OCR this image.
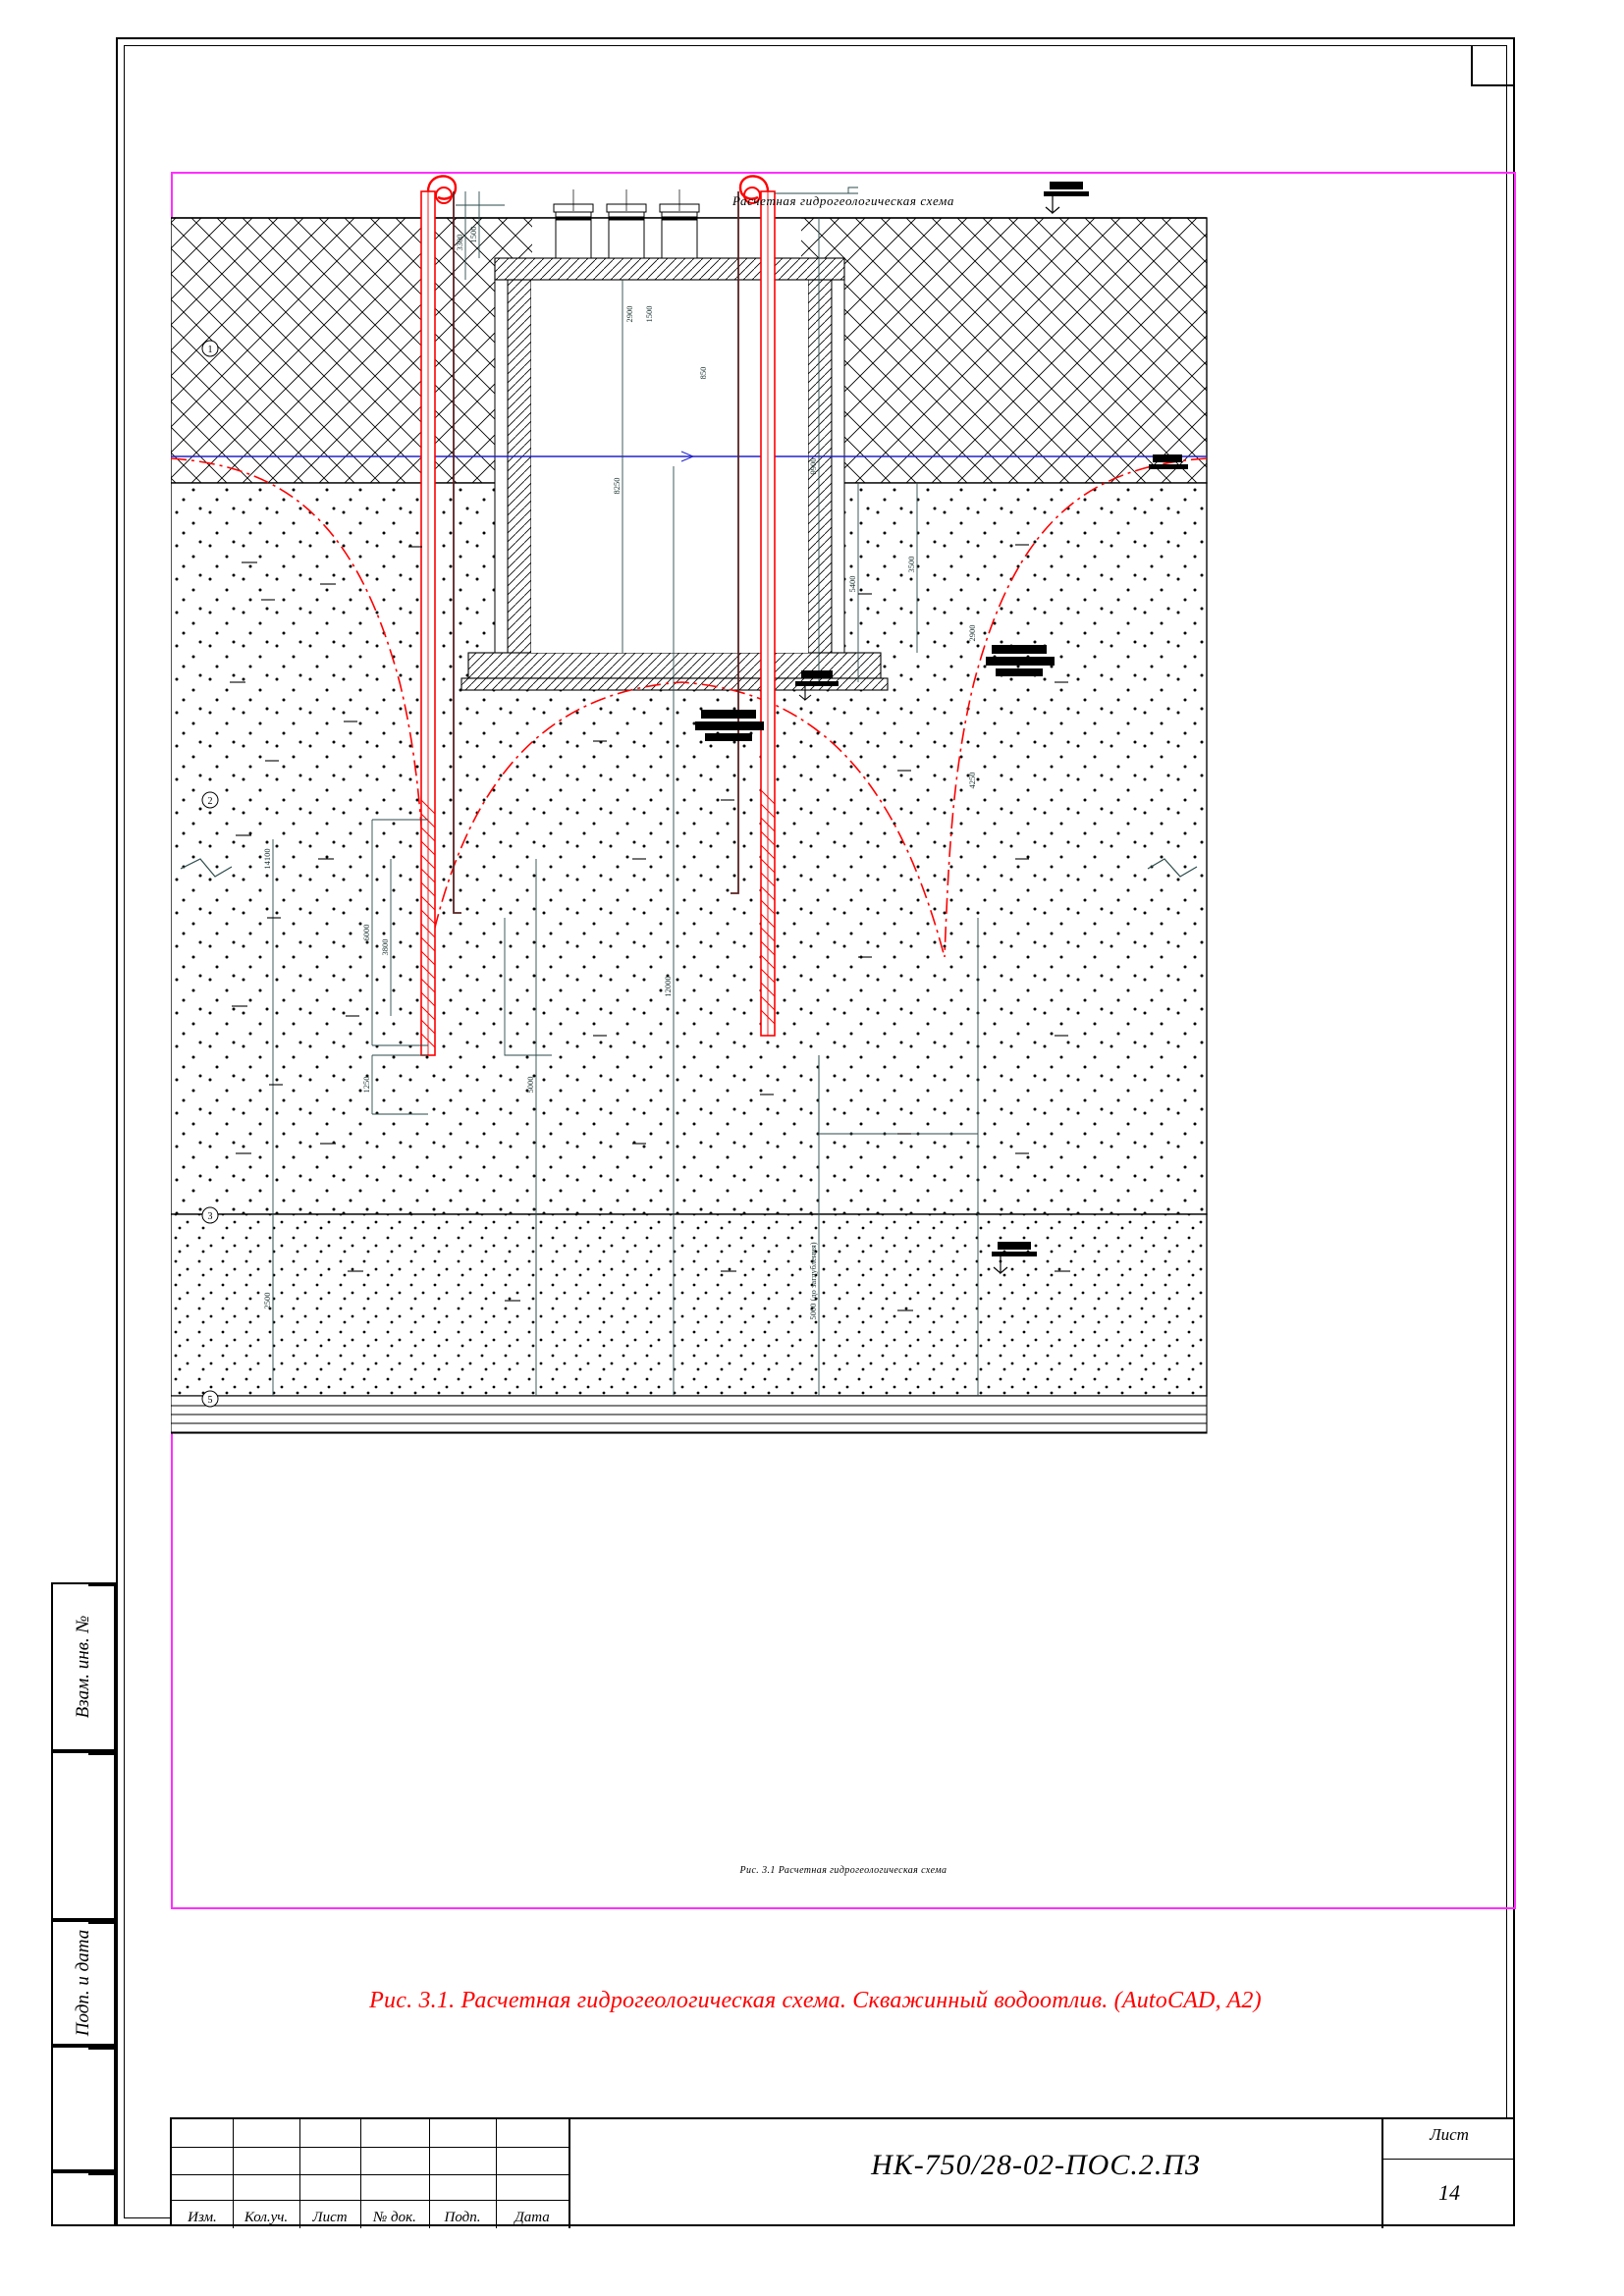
Взам. инв. №
Подп. и дата
Расчетная гидрогеологическая схема
Рис. 3.1 Расчетная гидрогеологическая схема
1
2
3
5
3300 1500
8250
9900
5400
3500
6000
3800
1250
14100
5000
12000
2500	5000 (до заглубления)
2900
4250
2900 1500
850
Рис. 3.1. Расчетная гидрогеологическая схема. Скважинный водоотлив. (AutoCAD, A2)
Изм.	Кол.уч.	Лист	№ док.	Подп.	Дата
НК-750/28-02-ПОС.2.ПЗ
Лист
14
